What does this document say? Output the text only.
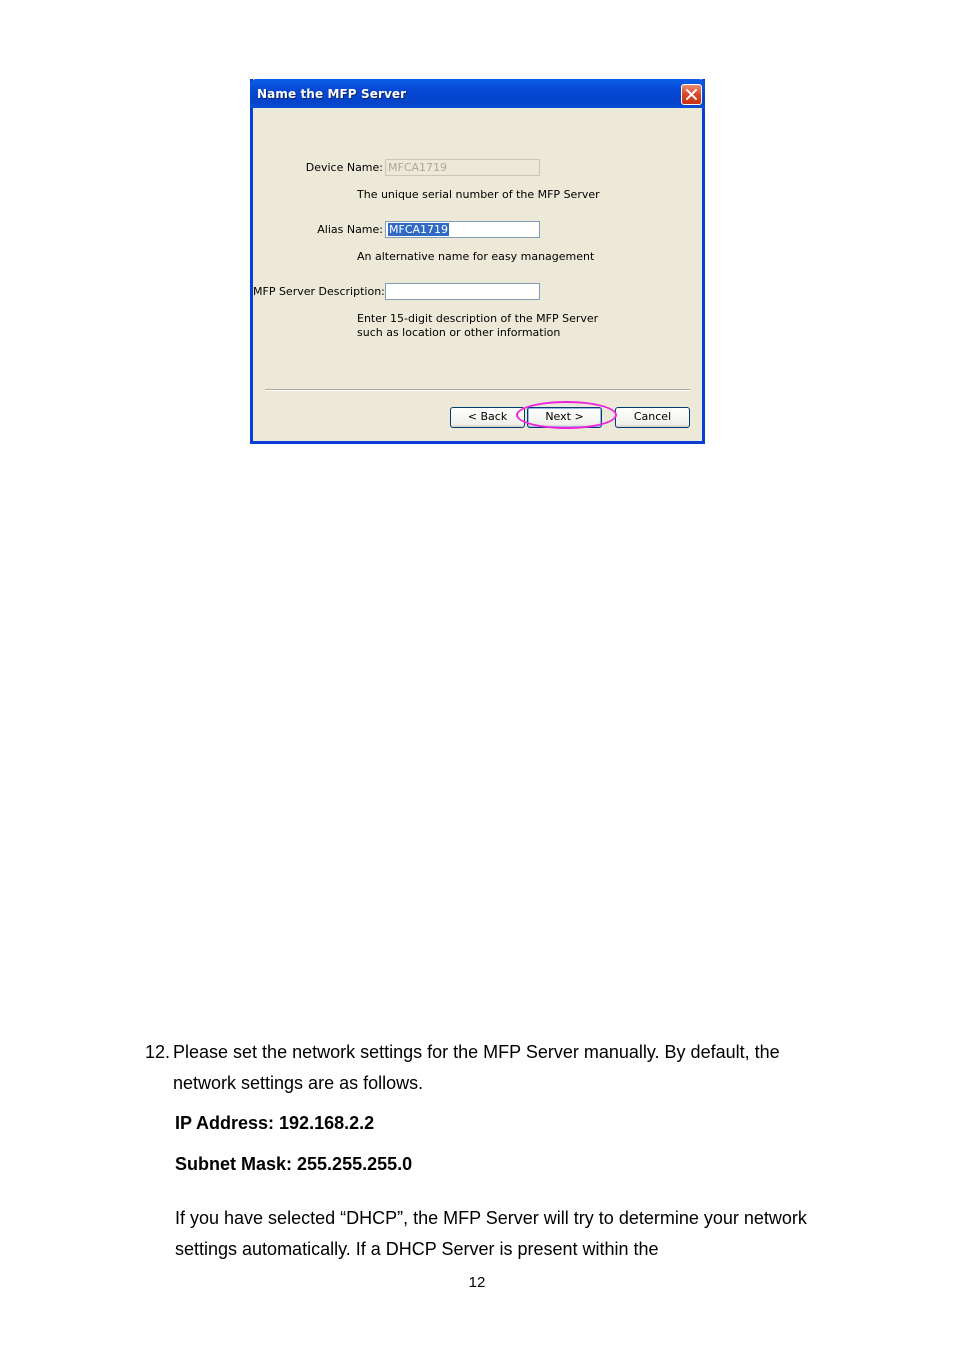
Name the MFP Server
Device Name: MFCA1719
The unique serial number of the MFP Server
Alias Name: MFCA1719
An alternative name for easy management
MFP Server Description:
Enter 15-digit description of the MFP Server
such as location or other information
< Back	Next >	Cancel
12. Please set the network settings for the MFP Server manually. By default, the network settings are as follows.
IP Address: 192.168.2.2
Subnet Mask: 255.255.255.0
If you have selected “DHCP”, the MFP Server will try to determine your network settings automatically. If a DHCP Server is present within the
12
